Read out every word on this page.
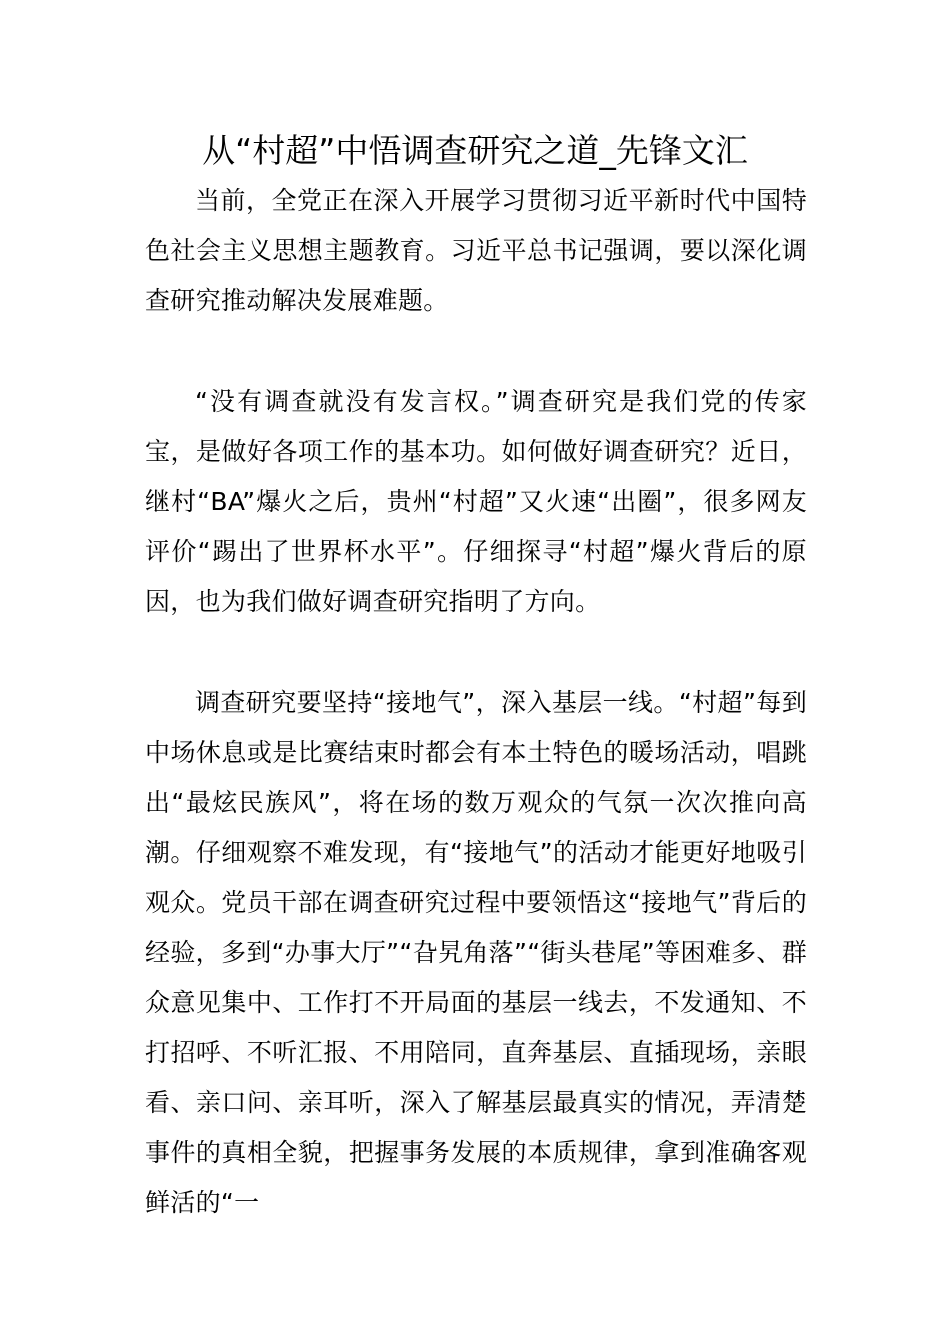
从“村超”中悟调查研究之道_先锋文汇

当前，全党正在深入开展学习贯彻习近平新时代中国特色社会主义思想主题教育。习近平总书记强调，要以深化调查研究推动解决发展难题。

“没有调查就没有发言权。”调查研究是我们党的传家宝，是做好各项工作的基本功。如何做好调查研究？近日，继村“BA”爆火之后，贵州“村超”又火速“出圈”，很多网友评价“踢出了世界杯水平”。仔细探寻“村超”爆火背后的原因，也为我们做好调查研究指明了方向。

调查研究要坚持“接地气”，深入基层一线。“村超”每到中场休息或是比赛结束时都会有本土特色的暖场活动，唱跳出“最炫民族风”，将在场的数万观众的气氛一次次推向高潮。仔细观察不难发现，有“接地气”的活动才能更好地吸引观众。党员干部在调查研究过程中要领悟这“接地气”背后的经验，多到“办事大厅”“旮旯角落”“街头巷尾”等困难多、群众意见集中、工作打不开局面的基层一线去，不发通知、不打招呼、不听汇报、不用陪同，直奔基层、直插现场，亲眼看、亲口问、亲耳听，深入了解基层最真实的情况，弄清楚事件的真相全貌，把握事务发展的本质规律，拿到准确客观鲜活的“一
